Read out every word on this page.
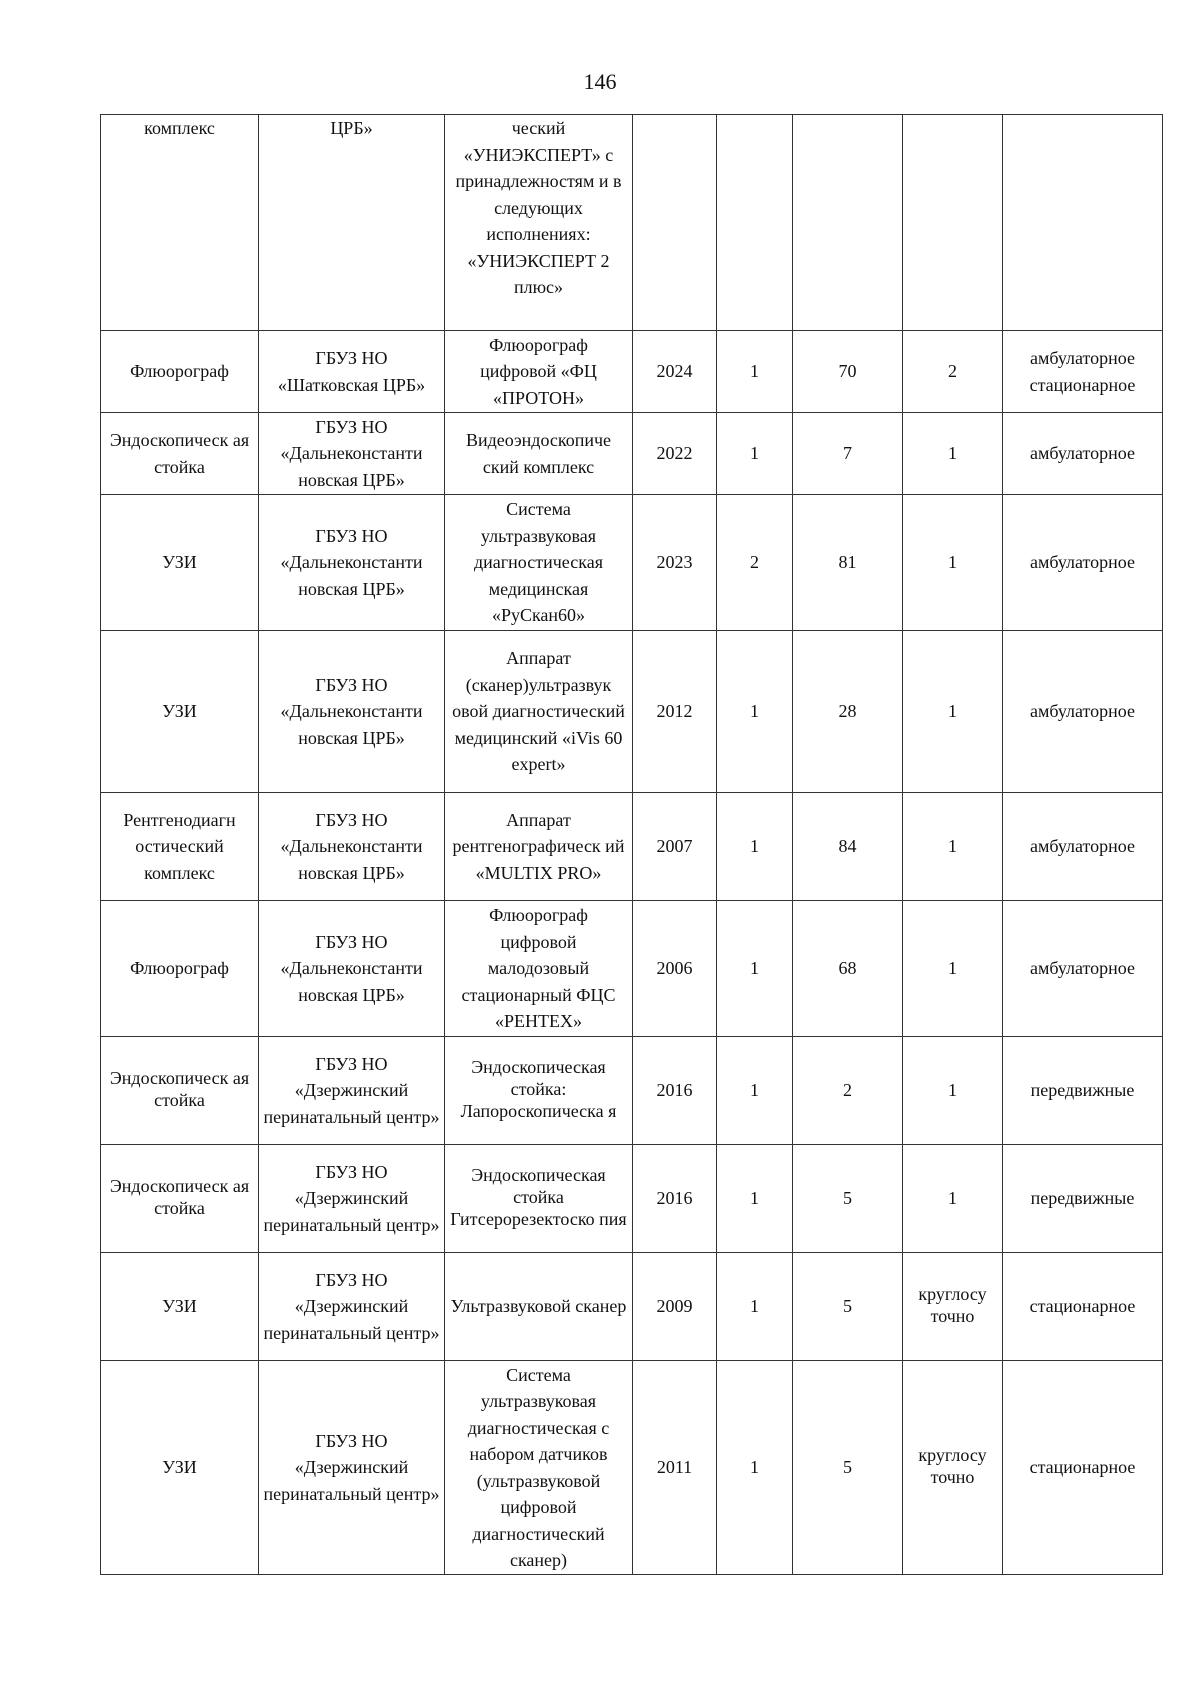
146
комплекс	ЦРБ»	ческий «УНИЭКСПЕРТ» с принадлежностям и в следующих исполнениях: «УНИЭКСПЕРТ 2 плюс»					
Флюорограф	ГБУЗ НО «Шатковская ЦРБ»	Флюорограф цифровой «ФЦ «ПРОТОН»	2024	1	70	2	амбулаторное стационарное
Эндоскопическ ая стойка	ГБУЗ НО «Дальнеконстанти новская ЦРБ»	Видеоэндоскопиче ский комплекс	2022	1	7	1	амбулаторное
УЗИ	ГБУЗ НО «Дальнеконстанти новская ЦРБ»	Система ультразвуковая диагностическая медицинская «РуСкан60»	2023	2	81	1	амбулаторное
УЗИ	ГБУЗ НО «Дальнеконстанти новская ЦРБ»	Аппарат (сканер)ультразвук овой диагностический медицинский «iVis 60 expert»	2012	1	28	1	амбулаторное
Рентгенодиагн остический комплекс	ГБУЗ НО «Дальнеконстанти новская ЦРБ»	Аппарат рентгенографическ ий «MULTIX PRO»	2007	1	84	1	амбулаторное
Флюорограф	ГБУЗ НО «Дальнеконстанти новская ЦРБ»	Флюорограф цифровой малодозовый стационарный ФЦС «РЕНТЕХ»	2006	1	68	1	амбулаторное
Эндоскопическ ая стойка	ГБУЗ НО «Дзержинский перинатальный центр»	Эндоскопическая стойка: Лапороскопическа я	2016	1	2	1	передвижные
Эндоскопическ ая стойка	ГБУЗ НО «Дзержинский перинатальный центр»	Эндоскопическая стойка Гитсерорезектоско пия	2016	1	5	1	передвижные
УЗИ	ГБУЗ НО «Дзержинский перинатальный центр»	Ультразвуковой сканер	2009	1	5	круглосу точно	стационарное
УЗИ	ГБУЗ НО «Дзержинский перинатальный центр»	Система ультразвуковая диагностическая с набором датчиков (ультразвуковой цифровой диагностический сканер)	2011	1	5	круглосу точно	стационарное
